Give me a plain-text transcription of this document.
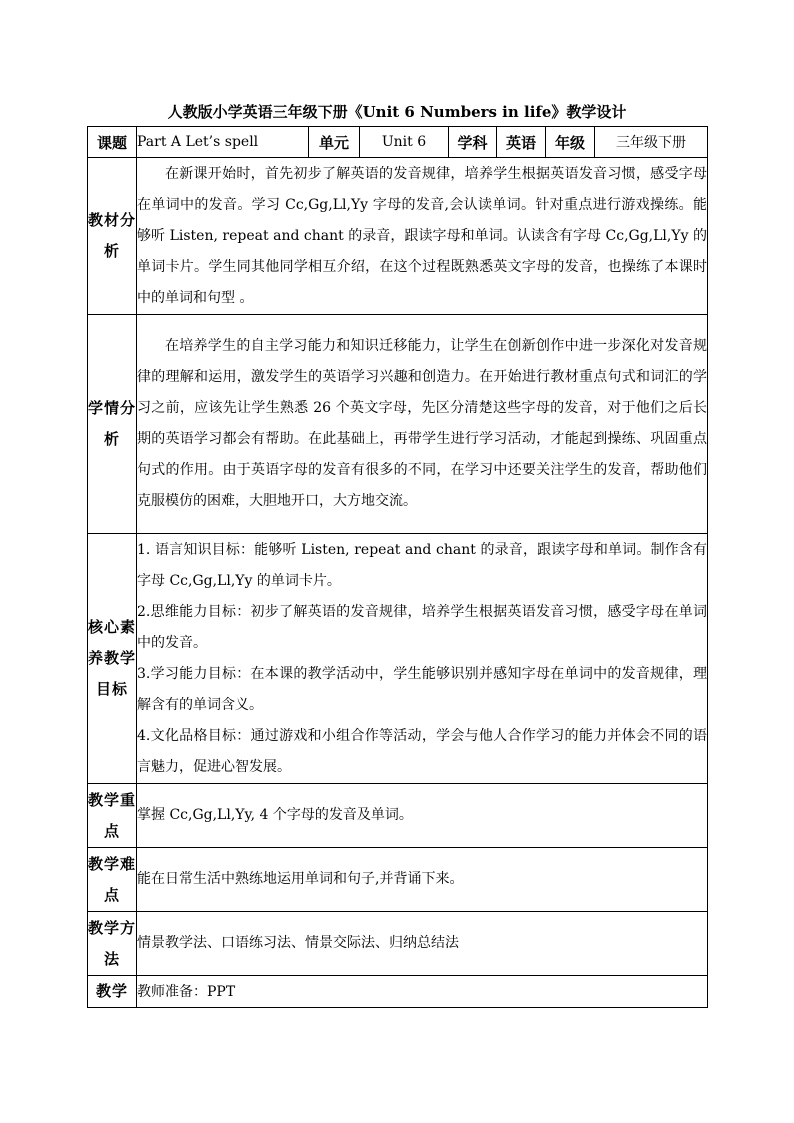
人教版小学英语三年级下册《Unit 6 Numbers in life》教学设计
课题	Part A Let’s spell	单元	Unit 6	学科	英语	年级	三年级下册
教材分析	在新课开始时，首先初步了解英语的发音规律，培养学生根据英语发音习惯，感受字母在单词中的发音。学习 Cc,Gg,Ll,Yy 字母的发音,会认读单词。针对重点进行游戏操练。能够听 Listen, repeat and chant 的录音，跟读字母和单词。认读含有字母 Cc,Gg,Ll,Yy 的单词卡片。学生同其他同学相互介绍，在这个过程既熟悉英文字母的发音，也操练了本课时中的单词和句型 。						

学情分析	在培养学生的自主学习能力和知识迁移能力，让学生在创新创作中进一步深化对发音规律的理解和运用，激发学生的英语学习兴趣和创造力。在开始进行教材重点句式和词汇的学习之前，应该先让学生熟悉 26 个英文字母，先区分清楚这些字母的发音，对于他们之后长期的英语学习都会有帮助。在此基础上，再带学生进行学习活动，才能起到操练、巩固重点句式的作用。由于英语字母的发音有很多的不同，在学习中还要关注学生的发音，帮助他们克服模仿的困难，大胆地开口，大方地交流。						

核心素养教学目标	1. 语言知识目标：能够听 Listen, repeat and chant 的录音，跟读字母和单词。制作含有字母 Cc,Gg,Ll,Yy 的单词卡片。

2.思维能力目标：初步了解英语的发音规律，培养学生根据英语发音习惯，感受字母在单词中的发音。

3.学习能力目标：在本课的教学活动中，学生能够识别并感知字母在单词中的发音规律，理解含有的单词含义。

4.文化品格目标：通过游戏和小组合作等活动，学会与他人合作学习的能力并体会不同的语言魅力，促进心智发展。						

教学重点	掌握 Cc,Gg,Ll,Yy, 4 个字母的发音及单词。						
教学难点	能在日常生活中熟练地运用单词和句子,并背诵下来。						
教学方法	情景教学法、口语练习法、情景交际法、归纳总结法						
教学	教师准备：PPT						
